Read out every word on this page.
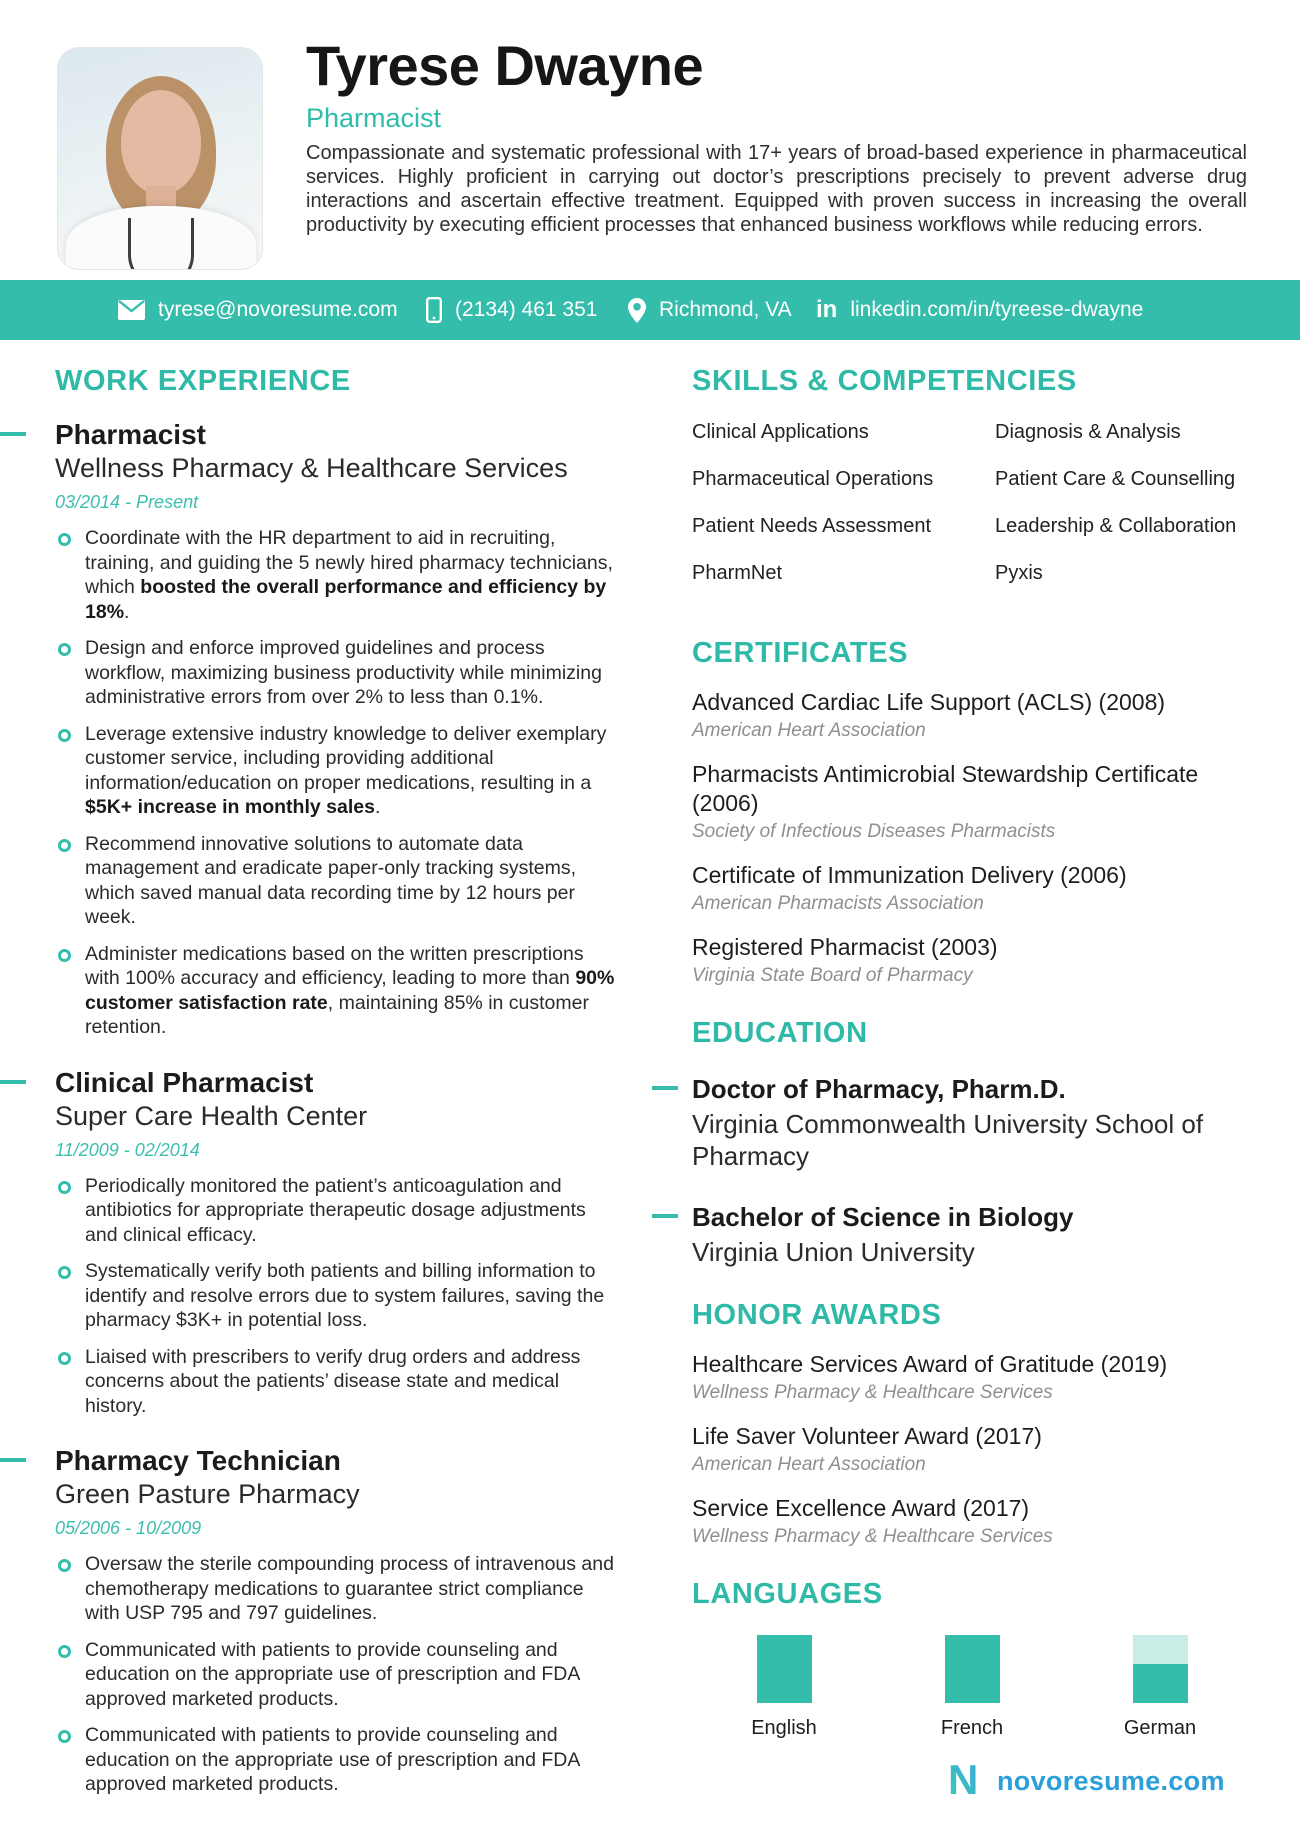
Tyrese Dwayne
Pharmacist
Compassionate and systematic professional with 17+ years of broad-based experience in pharmaceutical services. Highly proficient in carrying out doctor’s prescriptions precisely to prevent adverse drug interactions and ascertain effective treatment. Equipped with proven success in increasing the overall productivity by executing efficient processes that enhanced business workflows while reducing errors.
tyrese@novoresume.com	(2134) 461 351	Richmond, VA in linkedin.com/in/tyreese-dwayne
WORK EXPERIENCE
Pharmacist
Wellness Pharmacy & Healthcare Services
03/2014 - Present
Coordinate with the HR department to aid in recruiting, training, and guiding the 5 newly hired pharmacy technicians, which boosted the overall performance and efficiency by 18%.
Design and enforce improved guidelines and process workflow, maximizing business productivity while minimizing administrative errors from over 2% to less than 0.1%.
Leverage extensive industry knowledge to deliver exemplary customer service, including providing additional information/education on proper medications, resulting in a $5K+ increase in monthly sales.
Recommend innovative solutions to automate data management and eradicate paper-only tracking systems, which saved manual data recording time by 12 hours per week.
Administer medications based on the written prescriptions with 100% accuracy and efficiency, leading to more than 90% customer satisfaction rate, maintaining 85% in customer retention.
Clinical Pharmacist
Super Care Health Center
11/2009 - 02/2014
Periodically monitored the patient’s anticoagulation and antibiotics for appropriate therapeutic dosage adjustments and clinical efficacy.
Systematically verify both patients and billing information to identify and resolve errors due to system failures, saving the pharmacy $3K+ in potential loss.
Liaised with prescribers to verify drug orders and address concerns about the patients’ disease state and medical history.
Pharmacy Technician
Green Pasture Pharmacy
05/2006 - 10/2009
Oversaw the sterile compounding process of intravenous and chemotherapy medications to guarantee strict compliance with USP 795 and 797 guidelines.
Communicated with patients to provide counseling and education on the appropriate use of prescription and FDA approved marketed products.
Communicated with patients to provide counseling and education on the appropriate use of prescription and FDA approved marketed products.
SKILLS & COMPETENCIES
Clinical Applications	Diagnosis & Analysis
Pharmaceutical Operations	Patient Care & Counselling
Patient Needs Assessment	Leadership & Collaboration
PharmNet	Pyxis
CERTIFICATES
Advanced Cardiac Life Support (ACLS) (2008)
American Heart Association
Pharmacists Antimicrobial Stewardship Certificate (2006)
Society of Infectious Diseases Pharmacists
Certificate of Immunization Delivery (2006)
American Pharmacists Association
Registered Pharmacist (2003)
Virginia State Board of Pharmacy
EDUCATION
Doctor of Pharmacy, Pharm.D.
Virginia Commonwealth University School of Pharmacy
Bachelor of Science in Biology
Virginia Union University
HONOR AWARDS
Healthcare Services Award of Gratitude (2019)
Wellness Pharmacy & Healthcare Services
Life Saver Volunteer Award (2017)
American Heart Association
Service Excellence Award (2017)
Wellness Pharmacy & Healthcare Services
LANGUAGES
English	French	German
N novoresume.com
